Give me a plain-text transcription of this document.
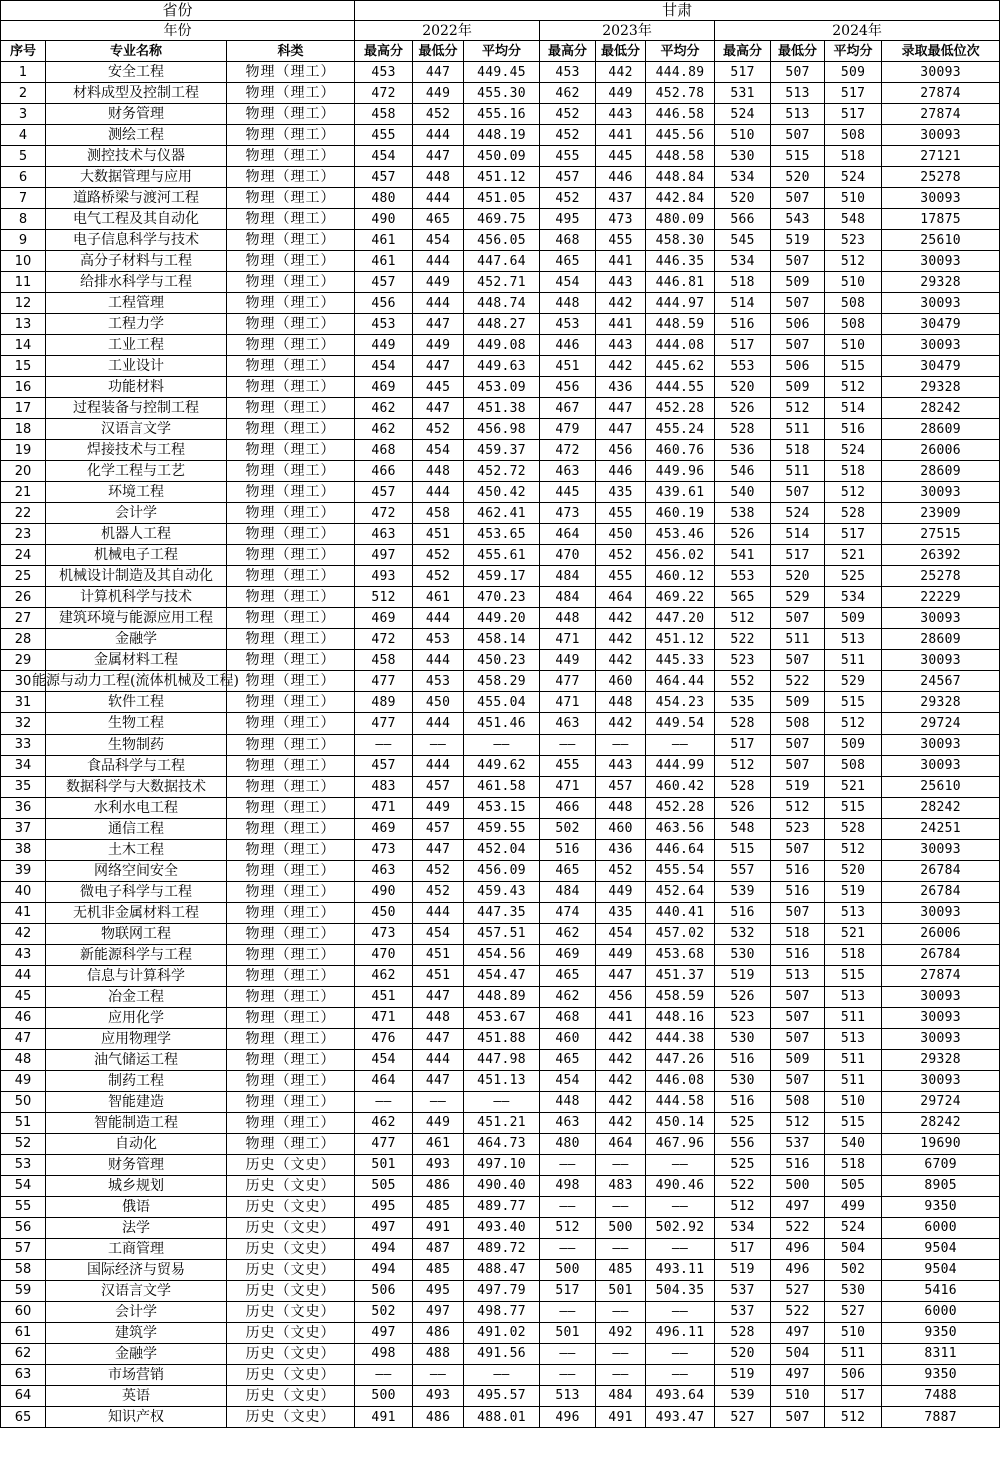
省份			甘肃									
年份			2022年			2023年			2024年			
序号	专业名称	科类	最高分	最低分	平均分	最高分	最低分	平均分	最高分	最低分	平均分	录取最低位次
1	安全工程	物理（理工）	453	447	449.45	453	442	444.89	517	507	509	30093
2	材料成型及控制工程	物理（理工）	472	449	455.30	462	449	452.78	531	513	517	27874
3	财务管理	物理（理工）	458	452	455.16	452	443	446.58	524	513	517	27874
4	测绘工程	物理（理工）	455	444	448.19	452	441	445.56	510	507	508	30093
5	测控技术与仪器	物理（理工）	454	447	450.09	455	445	448.58	530	515	518	27121
6	大数据管理与应用	物理（理工）	457	448	451.12	457	446	448.84	534	520	524	25278
7	道路桥梁与渡河工程	物理（理工）	480	444	451.05	452	437	442.84	520	507	510	30093
8	电气工程及其自动化	物理（理工）	490	465	469.75	495	473	480.09	566	543	548	17875
9	电子信息科学与技术	物理（理工）	461	454	456.05	468	455	458.30	545	519	523	25610
10	高分子材料与工程	物理（理工）	461	444	447.64	465	441	446.35	534	507	512	30093
11	给排水科学与工程	物理（理工）	457	449	452.71	454	443	446.81	518	509	510	29328
12	工程管理	物理（理工）	456	444	448.74	448	442	444.97	514	507	508	30093
13	工程力学	物理（理工）	453	447	448.27	453	441	448.59	516	506	508	30479
14	工业工程	物理（理工）	449	449	449.08	446	443	444.08	517	507	510	30093
15	工业设计	物理（理工）	454	447	449.63	451	442	445.62	553	506	515	30479
16	功能材料	物理（理工）	469	445	453.09	456	436	444.55	520	509	512	29328
17	过程装备与控制工程	物理（理工）	462	447	451.38	467	447	452.28	526	512	514	28242
18	汉语言文学	物理（理工）	462	452	456.98	479	447	455.24	528	511	516	28609
19	焊接技术与工程	物理（理工）	468	454	459.37	472	456	460.76	536	518	524	26006
20	化学工程与工艺	物理（理工）	466	448	452.72	463	446	449.96	546	511	518	28609
21	环境工程	物理（理工）	457	444	450.42	445	435	439.61	540	507	512	30093
22	会计学	物理（理工）	472	458	462.41	473	455	460.19	538	524	528	23909
23	机器人工程	物理（理工）	463	451	453.65	464	450	453.46	526	514	517	27515
24	机械电子工程	物理（理工）	497	452	455.61	470	452	456.02	541	517	521	26392
25	机械设计制造及其自动化	物理（理工）	493	452	459.17	484	455	460.12	553	520	525	25278
26	计算机科学与技术	物理（理工）	512	461	470.23	484	464	469.22	565	529	534	22229
27	建筑环境与能源应用工程	物理（理工）	469	444	449.20	448	442	447.20	512	507	509	30093
28	金融学	物理（理工）	472	453	458.14	471	442	451.12	522	511	513	28609
29	金属材料工程	物理（理工）	458	444	450.23	449	442	445.33	523	507	511	30093
30	能源与动力工程(流体机械及工程)	物理（理工）	477	453	458.29	477	460	464.44	552	522	529	24567
31	软件工程	物理（理工）	489	450	455.04	471	448	454.23	535	509	515	29328
32	生物工程	物理（理工）	477	444	451.46	463	442	449.54	528	508	512	29724
33	生物制药	物理（理工）	——	——	——	——	——	——	517	507	509	30093
34	食品科学与工程	物理（理工）	457	444	449.62	455	443	444.99	512	507	508	30093
35	数据科学与大数据技术	物理（理工）	483	457	461.58	471	457	460.42	528	519	521	25610
36	水利水电工程	物理（理工）	471	449	453.15	466	448	452.28	526	512	515	28242
37	通信工程	物理（理工）	469	457	459.55	502	460	463.56	548	523	528	24251
38	土木工程	物理（理工）	473	447	452.04	516	436	446.64	515	507	512	30093
39	网络空间安全	物理（理工）	463	452	456.09	465	452	455.54	557	516	520	26784
40	微电子科学与工程	物理（理工）	490	452	459.43	484	449	452.64	539	516	519	26784
41	无机非金属材料工程	物理（理工）	450	444	447.35	474	435	440.41	516	507	513	30093
42	物联网工程	物理（理工）	473	454	457.51	462	454	457.02	532	518	521	26006
43	新能源科学与工程	物理（理工）	470	451	454.56	469	449	453.68	530	516	518	26784
44	信息与计算科学	物理（理工）	462	451	454.47	465	447	451.37	519	513	515	27874
45	冶金工程	物理（理工）	451	447	448.89	462	456	458.59	526	507	513	30093
46	应用化学	物理（理工）	471	448	453.67	468	441	448.16	523	507	511	30093
47	应用物理学	物理（理工）	476	447	451.88	460	442	444.38	530	507	513	30093
48	油气储运工程	物理（理工）	454	444	447.98	465	442	447.26	516	509	511	29328
49	制药工程	物理（理工）	464	447	451.13	454	442	446.08	530	507	511	30093
50	智能建造	物理（理工）	——	——	——	448	442	444.58	516	508	510	29724
51	智能制造工程	物理（理工）	462	449	451.21	463	442	450.14	525	512	515	28242
52	自动化	物理（理工）	477	461	464.73	480	464	467.96	556	537	540	19690
53	财务管理	历史（文史）	501	493	497.10	——	——	——	525	516	518	6709
54	城乡规划	历史（文史）	505	486	490.40	498	483	490.46	522	500	505	8905
55	俄语	历史（文史）	495	485	489.77	——	——	——	512	497	499	9350
56	法学	历史（文史）	497	491	493.40	512	500	502.92	534	522	524	6000
57	工商管理	历史（文史）	494	487	489.72	——	——	——	517	496	504	9504
58	国际经济与贸易	历史（文史）	494	485	488.47	500	485	493.11	519	496	502	9504
59	汉语言文学	历史（文史）	506	495	497.79	517	501	504.35	537	527	530	5416
60	会计学	历史（文史）	502	497	498.77	——	——	——	537	522	527	6000
61	建筑学	历史（文史）	497	486	491.02	501	492	496.11	528	497	510	9350
62	金融学	历史（文史）	498	488	491.56	——	——	——	520	504	511	8311
63	市场营销	历史（文史）	——	——	——	——	——	——	519	497	506	9350
64	英语	历史（文史）	500	493	495.57	513	484	493.64	539	510	517	7488
65	知识产权	历史（文史）	491	486	488.01	496	491	493.47	527	507	512	7887
